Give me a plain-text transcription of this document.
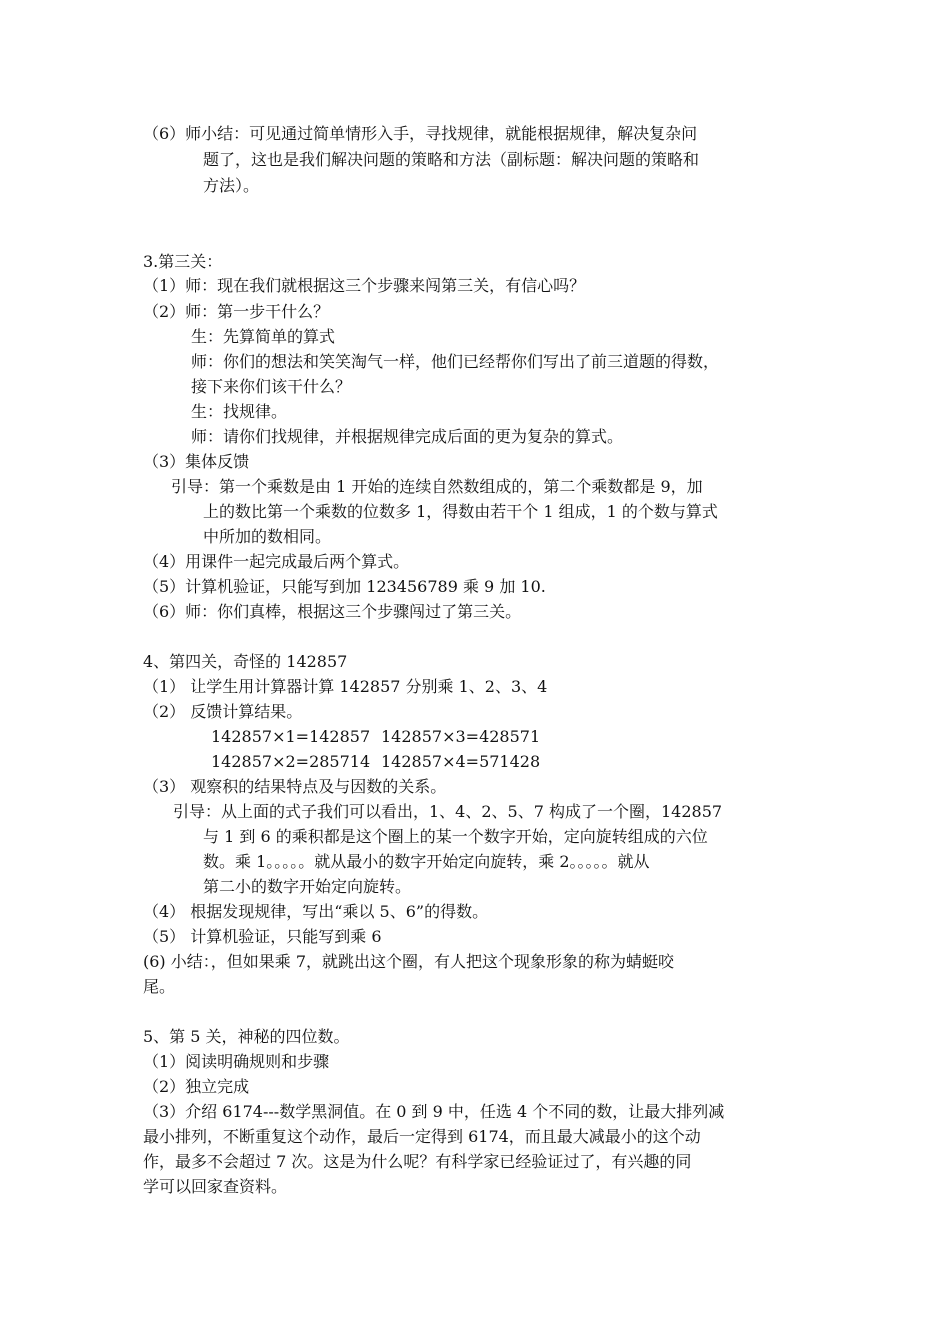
（6）师小结：可见通过简单情形入手，寻找规律，就能根据规律，解决复杂问
题了，这也是我们解决问题的策略和方法（副标题：解决问题的策略和
方法）。
3.第三关：
（1）师：现在我们就根据这三个步骤来闯第三关，有信心吗？
（2）师：第一步干什么？
生：先算简单的算式
师：你们的想法和笑笑淘气一样，他们已经帮你们写出了前三道题的得数，
接下来你们该干什么？
生：找规律。
师：请你们找规律，并根据规律完成后面的更为复杂的算式。
（3）集体反馈
引导：第一个乘数是由 1 开始的连续自然数组成的，第二个乘数都是 9，加
上的数比第一个乘数的位数多 1，得数由若干个 1 组成，1 的个数与算式
中所加的数相同。
（4）用课件一起完成最后两个算式。
（5）计算机验证，只能写到加 123456789 乘 9 加 10.
（6）师：你们真棒，根据这三个步骤闯过了第三关。
4、第四关，奇怪的 142857
（1） 让学生用计算器计算 142857 分别乘 1、2、3、4
（2） 反馈计算结果。
142857×1=142857 142857×3=428571
142857×2=285714 142857×4=571428
（3） 观察积的结果特点及与因数的关系。
引导：从上面的式子我们可以看出，1、4、2、5、7 构成了一个圈，142857
与 1 到 6 的乘积都是这个圈上的某一个数字开始，定向旋转组成的六位
数。乘 1。。。。。就从最小的数字开始定向旋转，乘 2。。。。。就从
第二小的数字开始定向旋转。
（4） 根据发现规律，写出“乘以 5、6”的得数。
（5） 计算机验证，只能写到乘 6
(6) 小结：，但如果乘 7，就跳出这个圈，有人把这个现象形象的称为蜻蜓咬
尾。
5、第 5 关，神秘的四位数。
（1）阅读明确规则和步骤
（2）独立完成
（3）介绍 6174---数学黑洞值。在 0 到 9 中，任选 4 个不同的数，让最大排列减
最小排列，不断重复这个动作，最后一定得到 6174，而且最大减最小的这个动
作，最多不会超过 7 次。这是为什么呢？有科学家已经验证过了，有兴趣的同
学可以回家查资料。
